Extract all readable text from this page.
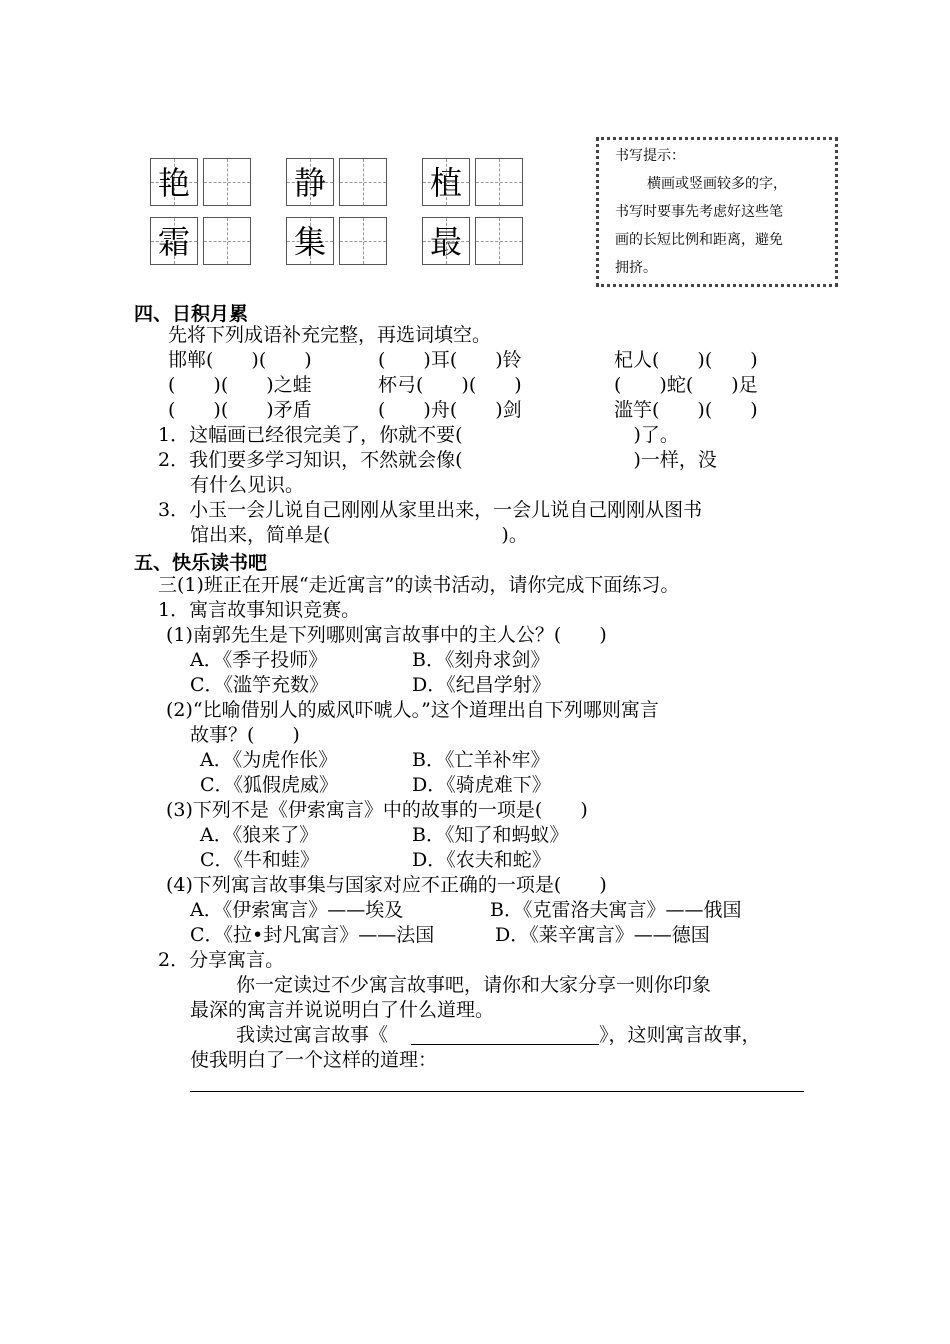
艳	静	植
霜	集	最
书写提示：
横画或竖画较多的字，
书写时要事先考虑好这些笔
画的长短比例和距离，避免
拥挤。
四、日积月累
先将下列成语补充完整，再选词填空。
邯郸(　　)(　　)	(　　)耳(　　)铃	杞人(　　)(　　)
(　　)(　　)之蛙	杯弓(　　)(　　)	(　　)蛇(　　)足
(　　)(　　)矛盾	(　　)舟(　　)剑	滥竽(　　)(　　)
1．这幅画已经很完美了，你就不要(　　　　　　　　　)了。
2．我们要多学习知识，不然就会像(　　　　　　　　　)一样，没
有什么见识。
3．小玉一会儿说自己刚刚从家里出来，一会儿说自己刚刚从图书
馆出来，简单是(　　　　　　　　　)。
五、快乐读书吧
三(1)班正在开展“走近寓言”的读书活动，请你完成下面练习。
1．寓言故事知识竞赛。
(1)南郭先生是下列哪则寓言故事中的主人公？(　　)
A．《季子投师》	B．《刻舟求剑》
C．《滥竽充数》	D．《纪昌学射》
(2)“比喻借别人的威风吓唬人。”这个道理出自下列哪则寓言
故事？(　　)
A．《为虎作伥》	B．《亡羊补牢》
C．《狐假虎威》	D．《骑虎难下》
(3)下列不是《伊索寓言》中的故事的一项是(　　)
A．《狼来了》	B．《知了和蚂蚁》
C．《牛和蛙》	D．《农夫和蛇》
(4)下列寓言故事集与国家对应不正确的一项是(　　)
A．《伊索寓言》——埃及	B．《克雷洛夫寓言》——俄国
C．《拉•封凡寓言》——法国	D．《莱辛寓言》——德国
2．分享寓言。
你一定读过不少寓言故事吧，请你和大家分享一则你印象
最深的寓言并说说明白了什么道理。
我读过寓言故事《	》，这则寓言故事，
使我明白了一个这样的道理：
